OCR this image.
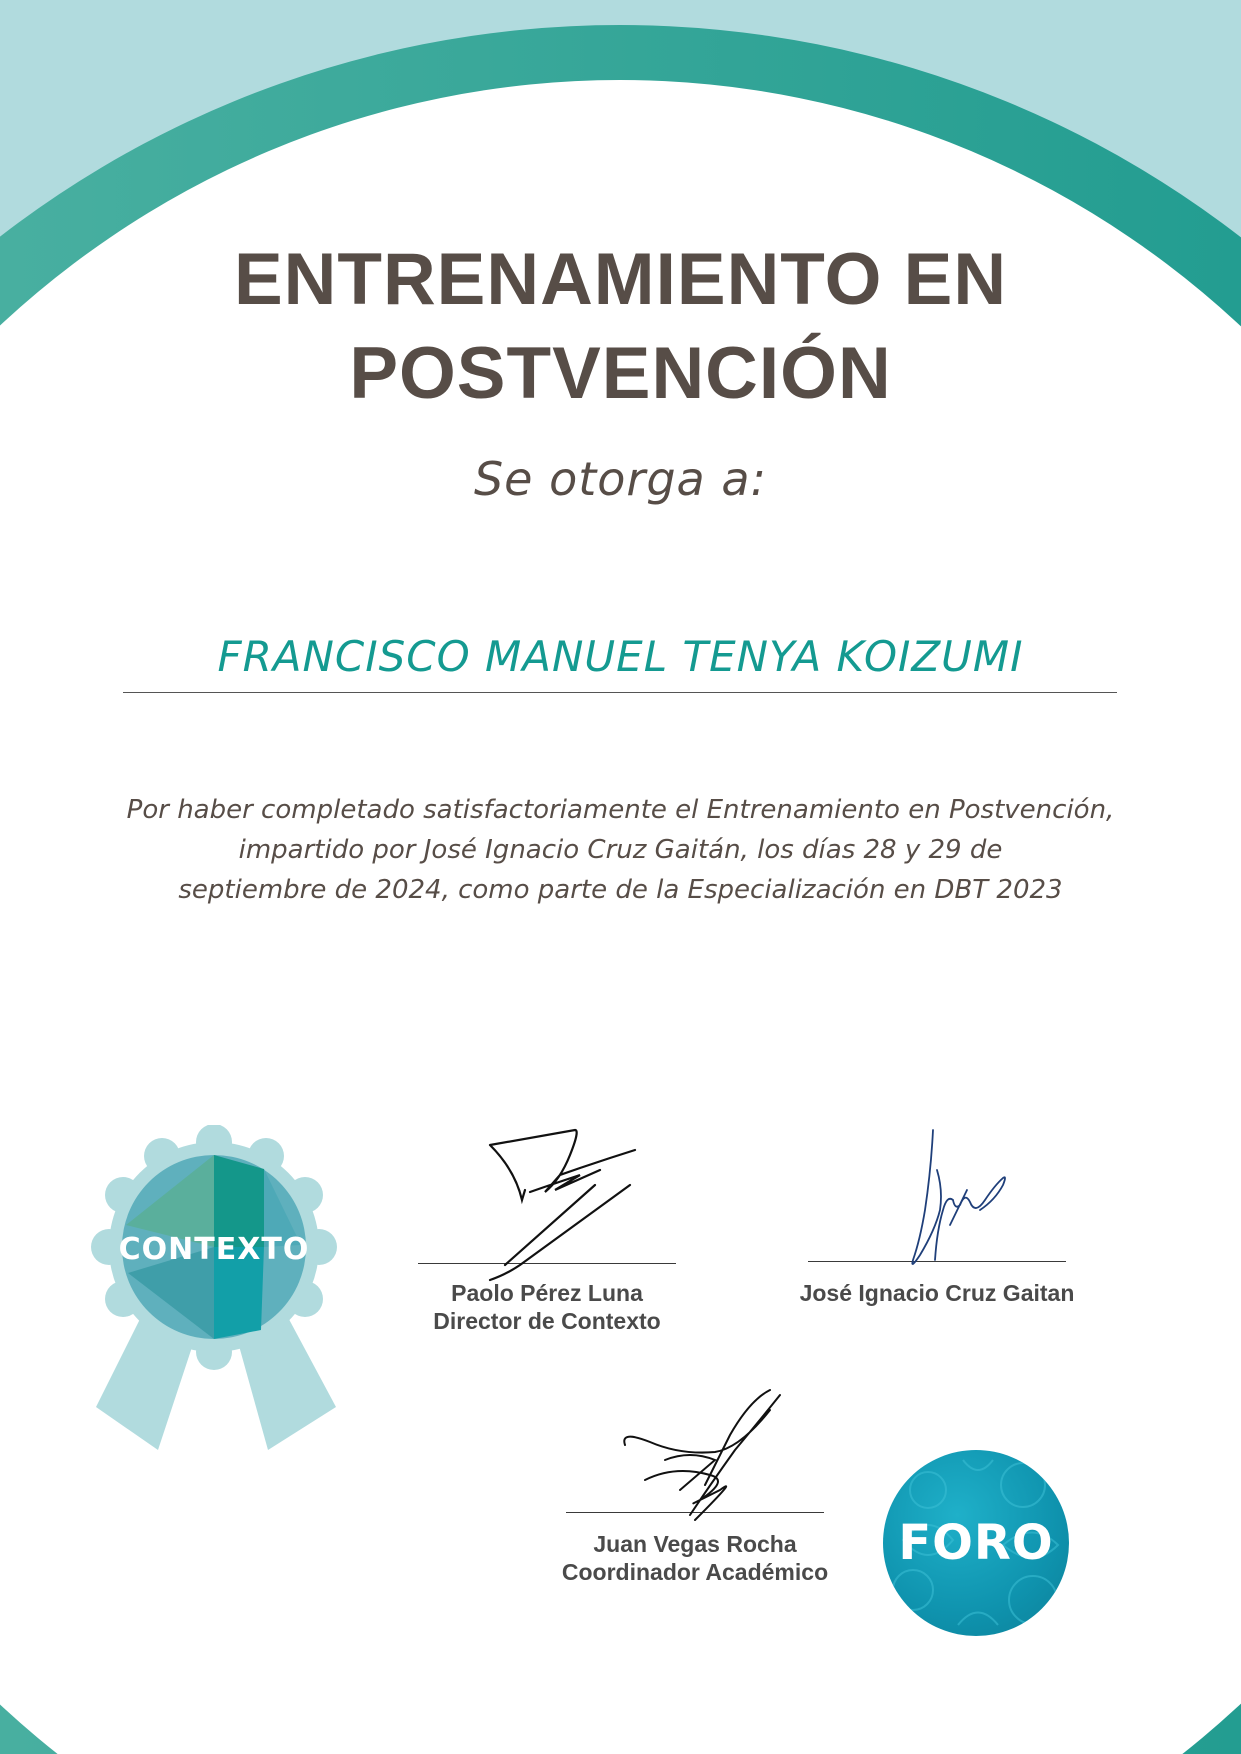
ENTRENAMIENTO EN
POSTVENCIÓN
Se otorga a:
FRANCISCO MANUEL TENYA KOIZUMI
Por haber completado satisfactoriamente el Entrenamiento en Postvención,
impartido por José Ignacio Cruz Gaitán, los días 28 y 29 de
septiembre de 2024, como parte de la Especialización en DBT 2023
CONTEXTO
Paolo Pérez Luna
Director de Contexto
José Ignacio Cruz Gaitan
Juan Vegas Rocha
Coordinador Académico
FORO
